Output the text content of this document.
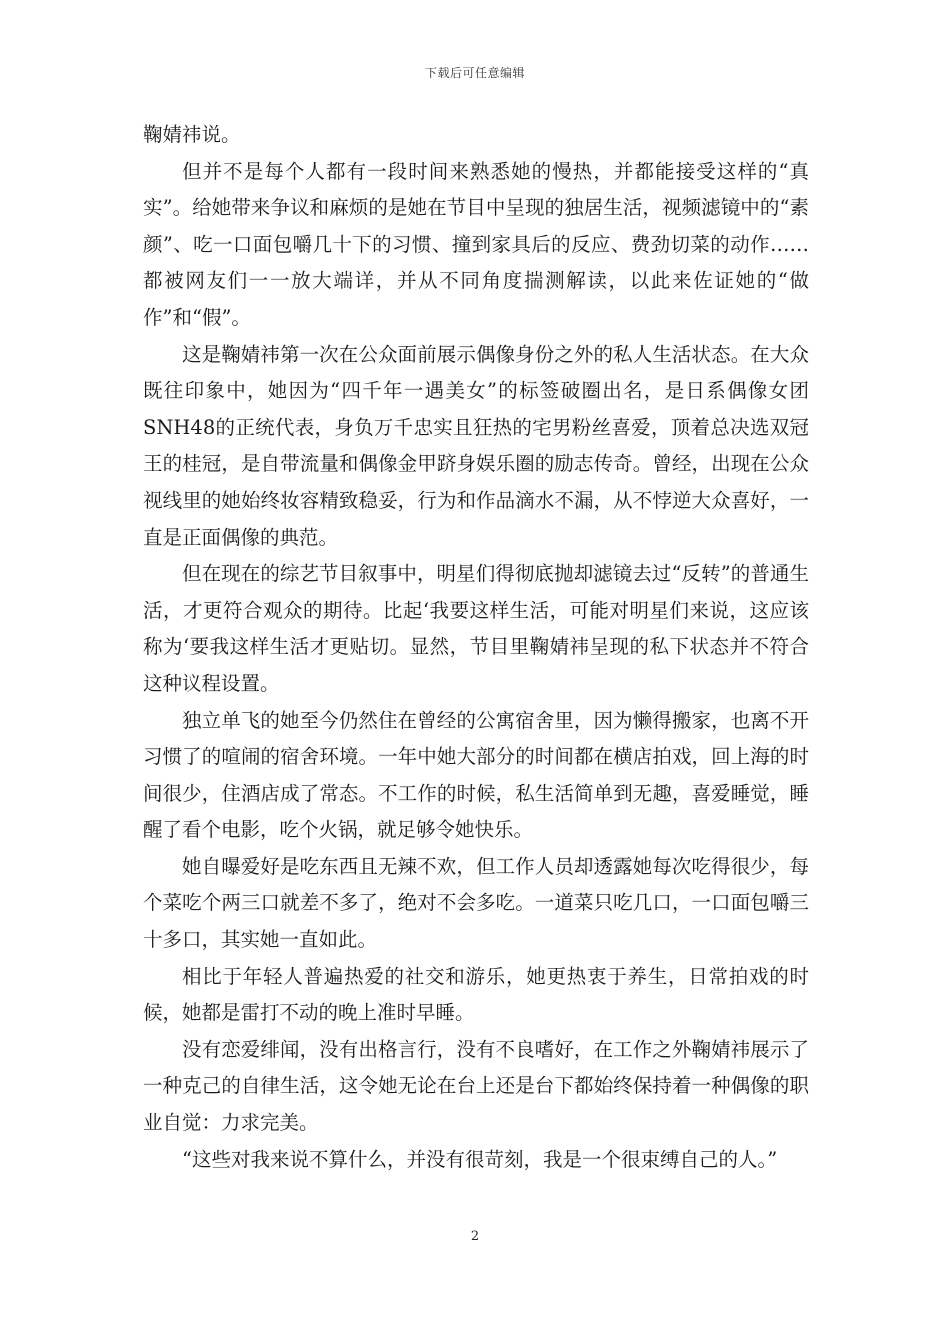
下载后可任意编辑

鞠婧祎说。

但并不是每个人都有一段时间来熟悉她的慢热，并都能接受这样的“真实”。给她带来争议和麻烦的是她在节目中呈现的独居生活，视频滤镜中的“素颜”、吃一口面包嚼几十下的习惯、撞到家具后的反应、费劲切菜的动作……都被网友们一一放大端详，并从不同角度揣测解读，以此来佐证她的“做作”和“假”。

这是鞠婧祎第一次在公众面前展示偶像身份之外的私人生活状态。在大众既往印象中，她因为“四千年一遇美女”的标签破圈出名，是日系偶像女团SNH48的正统代表，身负万千忠实且狂热的宅男粉丝喜爱，顶着总决选双冠王的桂冠，是自带流量和偶像金甲跻身娱乐圈的励志传奇。曾经，出现在公众视线里的她始终妆容精致稳妥，行为和作品滴水不漏，从不悖逆大众喜好，一直是正面偶像的典范。

但在现在的综艺节目叙事中，明星们得彻底抛却滤镜去过“反转”的普通生活，才更符合观众的期待。比起‘我要这样生活，可能对明星们来说，这应该称为‘要我这样生活才更贴切。显然，节目里鞠婧祎呈现的私下状态并不符合这种议程设置。

独立单飞的她至今仍然住在曾经的公寓宿舍里，因为懒得搬家，也离不开习惯了的喧闹的宿舍环境。一年中她大部分的时间都在横店拍戏，回上海的时间很少，住酒店成了常态。不工作的时候，私生活简单到无趣，喜爱睡觉，睡醒了看个电影，吃个火锅，就足够令她快乐。

她自曝爱好是吃东西且无辣不欢，但工作人员却透露她每次吃得很少，每个菜吃个两三口就差不多了，绝对不会多吃。一道菜只吃几口，一口面包嚼三十多口，其实她一直如此。

相比于年轻人普遍热爱的社交和游乐，她更热衷于养生，日常拍戏的时候，她都是雷打不动的晚上准时早睡。

没有恋爱绯闻，没有出格言行，没有不良嗜好，在工作之外鞠婧祎展示了一种克己的自律生活，这令她无论在台上还是台下都始终保持着一种偶像的职业自觉：力求完美。

“这些对我来说不算什么，并没有很苛刻，我是一个很束缚自己的人。”

2
